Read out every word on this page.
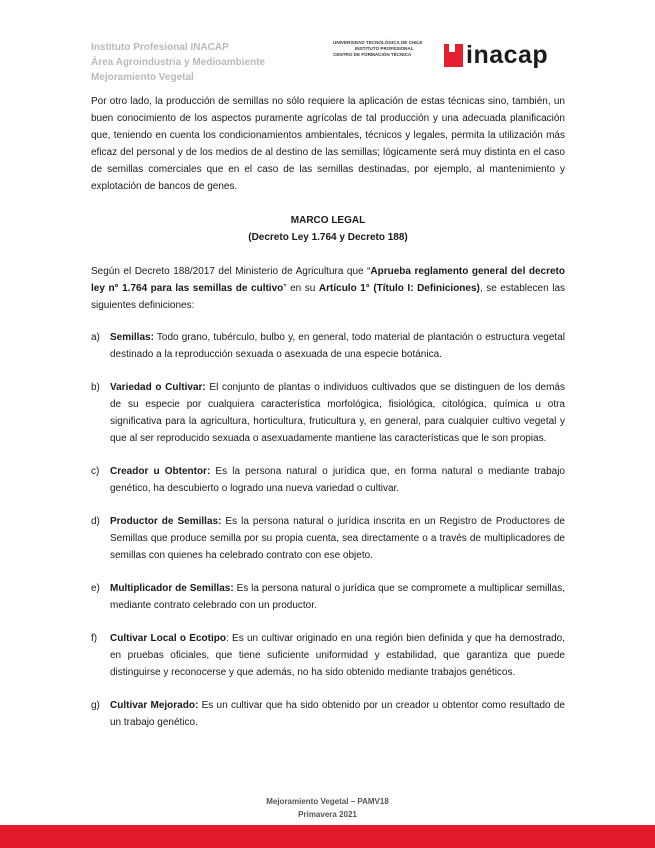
Instituto Profesional INACAP
Área Agroindustria y Medioambiente
Mejoramiento Vegetal
UNIVERSIDAD TECNOLÓGICA DE CHILE
INSTITUTO PROFESIONAL
CENTRO DE FORMACIÓN TÉCNICA	inacap

Por otro lado, la producción de semillas no sólo requiere la aplicación de estas técnicas sino, también, un buen conocimiento de los aspectos puramente agrícolas de tal producción y una adecuada planificación que, teniendo en cuenta los condicionamientos ambientales, técnicos y legales, permita la utilización más eficaz del personal y de los medios de al destino de las semillas; lógicamente será muy distinta en el caso de semillas comerciales que en el caso de las semillas destinadas, por ejemplo, al mantenimiento y explotación de bancos de genes.

MARCO LEGAL
(Decreto Ley 1.764 y Decreto 188)

Según el Decreto 188/2017 del Ministerio de Agricultura que “Aprueba reglamento general del decreto ley n° 1.764 para las semillas de cultivo” en su Artículo 1° (Título I: Definiciones), se establecen las siguientes definiciones:

a) Semillas: Todo grano, tubérculo, bulbo y, en general, todo material de plantación o estructura vegetal destinado a la reproducción sexuada o asexuada de una especie botánica.
b) Variedad o Cultivar: El conjunto de plantas o individuos cultivados que se distinguen de los demás de su especie por cualquiera característica morfológica, fisiológica, citológica, química u otra significativa para la agricultura, horticultura, fruticultura y, en general, para cualquier cultivo vegetal y que al ser reproducido sexuada o asexuadamente mantiene las características que le son propias.
c) Creador u Obtentor: Es la persona natural o jurídica que, en forma natural o mediante trabajo genético, ha descubierto o logrado una nueva variedad o cultivar.
d) Productor de Semillas: Es la persona natural o jurídica inscrita en un Registro de Productores de Semillas que produce semilla por su propia cuenta, sea directamente o a través de multiplicadores de semillas con quienes ha celebrado contrato con ese objeto.
e) Multiplicador de Semillas: Es la persona natural o jurídica que se compromete a multiplicar semillas, mediante contrato celebrado con un productor.
f) Cultivar Local o Ecotipo: Es un cultivar originado en una región bien definida y que ha demostrado, en pruebas oficiales, que tiene suficiente uniformidad y estabilidad, que garantiza que puede distinguirse y reconocerse y que además, no ha sido obtenido mediante trabajos genéticos.
g) Cultivar Mejorado: Es un cultivar que ha sido obtenido por un creador u obtentor como resultado de un trabajo genético.
Mejoramiento Vegetal – PAMV18
Primavera 2021
